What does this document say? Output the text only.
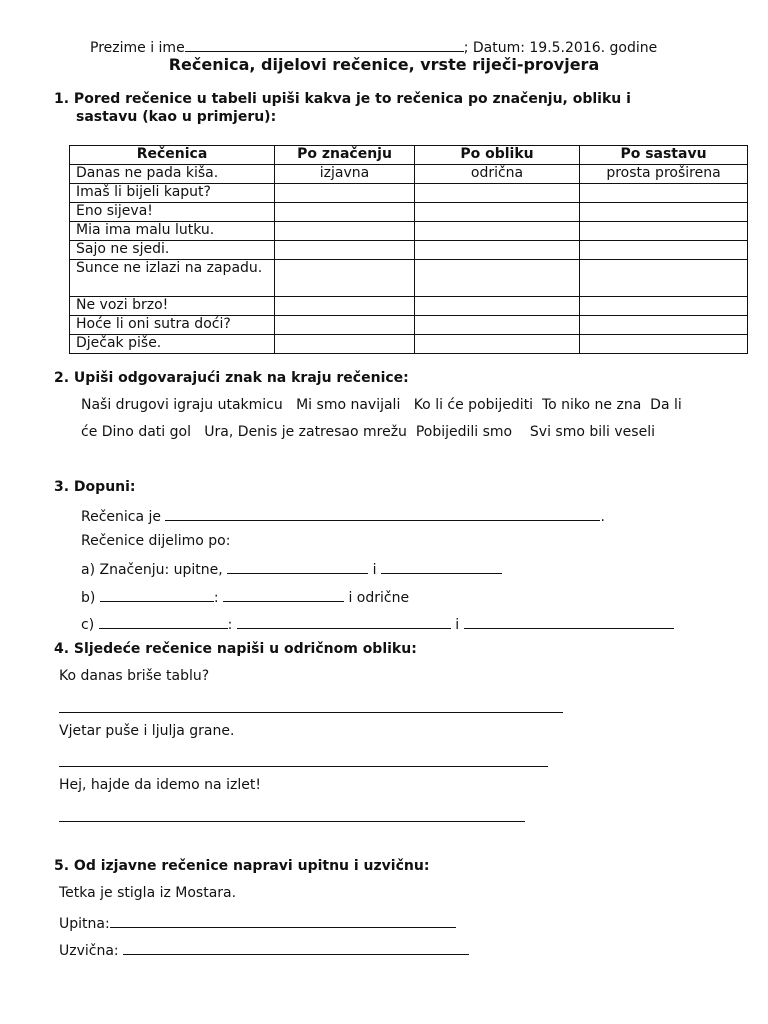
Prezime i ime	; Datum: 19.5.2016. godine
Rečenica, dijelovi rečenice, vrste riječi-provjera
1. Pored rečenice u tabeli upiši kakva je to rečenica po značenju, obliku i
sastavu (kao u primjeru):
Rečenica	Po značenju	Po obliku	Po sastavu
Danas ne pada kiša.	izjavna	odrična	prosta proširena
Imaš li bijeli kaput?			
Eno sijeva!			
Mia ima malu lutku.			
Sajo ne sjedi.			
Sunce ne izlazi na zapadu.			
Ne vozi brzo!			
Hoće li oni sutra doći?			
Dječak piše.			
2. Upiši odgovarajući znak na kraju rečenice:
Naši drugovi igraju utakmicu   Mi smo navijali   Ko li će pobijediti  To niko ne zna  Da li
će Dino dati gol   Ura, Denis je zatresao mrežu  Pobijedili smo    Svi smo bili veseli
3. Dopuni:
Rečenica je	.
Rečenice dijelimo po:
a) Značenju: upitne,	i
b)	:	i odrične
c)	:	i
4. Sljedeće rečenice napiši u odričnom obliku:
Ko danas briše tablu?
Vjetar puše i ljulja grane.
Hej, hajde da idemo na izlet!
5. Od izjavne rečenice napravi upitnu i uzvičnu:
Tetka je stigla iz Mostara.
Upitna:
Uzvična:
